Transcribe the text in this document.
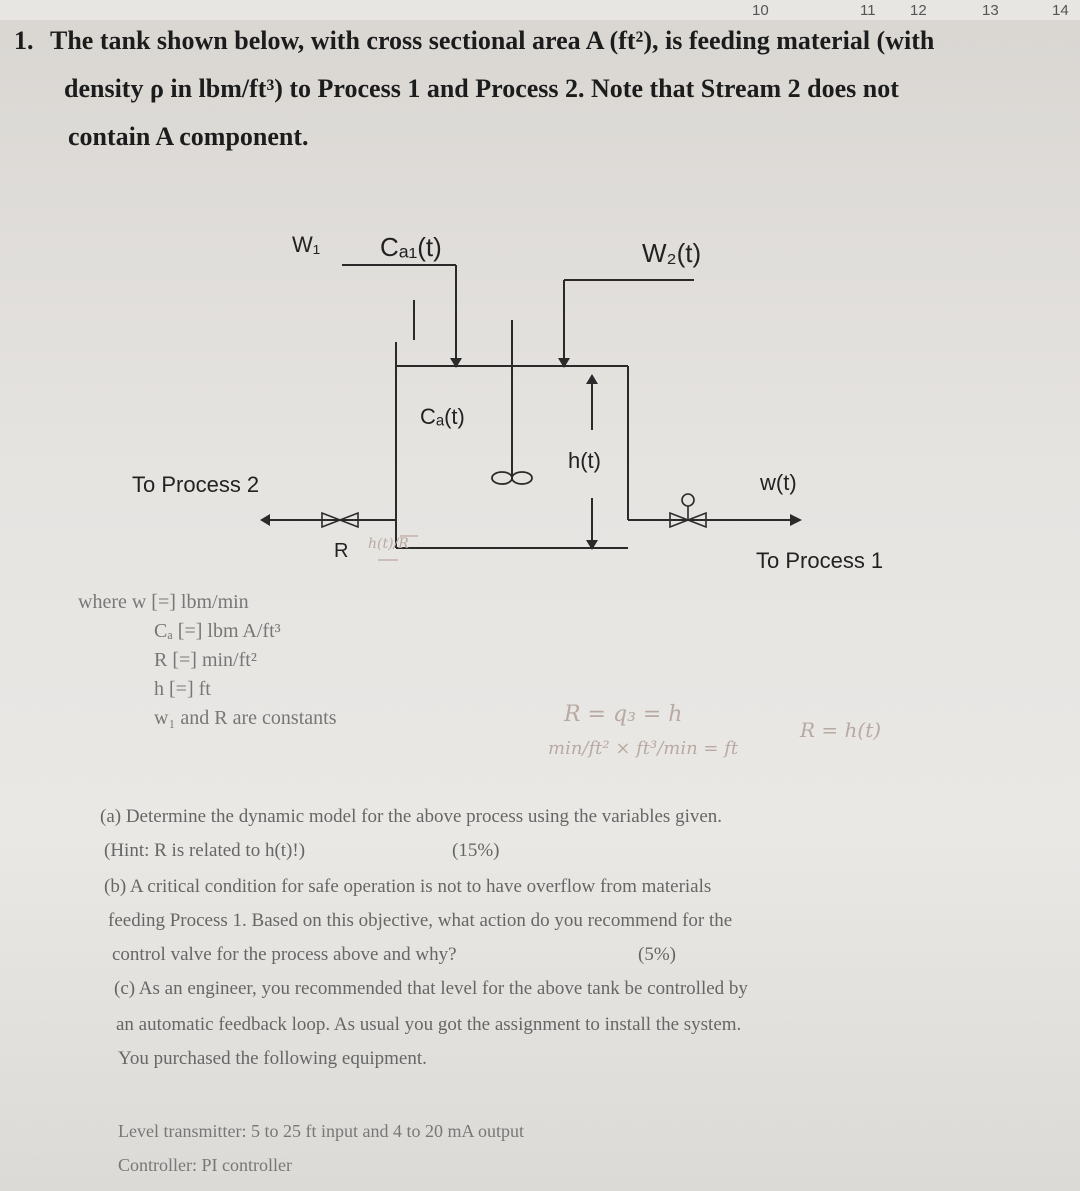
10	11 12	13	14
1. The tank shown below, with cross sectional area A (ft²), is feeding material (with
density ρ in lbm/ft³) to Process 1 and Process 2. Note that Stream 2 does not
contain A component.
W₁ Cₐ₁(t)	W₂(t)
Cₐ(t)
h(t)
To Process 2	w(t)
To Process 1
R
where w [=] lbm/min
Cₐ [=] lbm A/ft³
R [=] min/ft²
h [=] ft
w₁ and R are constants
h(t)/R
R = q₃ = h
min/ft² × ft³/min = ft
R = h(t)
(a) Determine the dynamic model for the above process using the variables given.
(Hint: R is related to h(t)!)	(15%)
(b) A critical condition for safe operation is not to have overflow from materials
feeding Process 1. Based on this objective, what action do you recommend for the
control valve for the process above and why?	(5%)
(c) As an engineer, you recommended that level for the above tank be controlled by
an automatic feedback loop. As usual you got the assignment to install the system.
You purchased the following equipment.
Level transmitter: 5 to 25 ft input and 4 to 20 mA output
Controller: PI controller
